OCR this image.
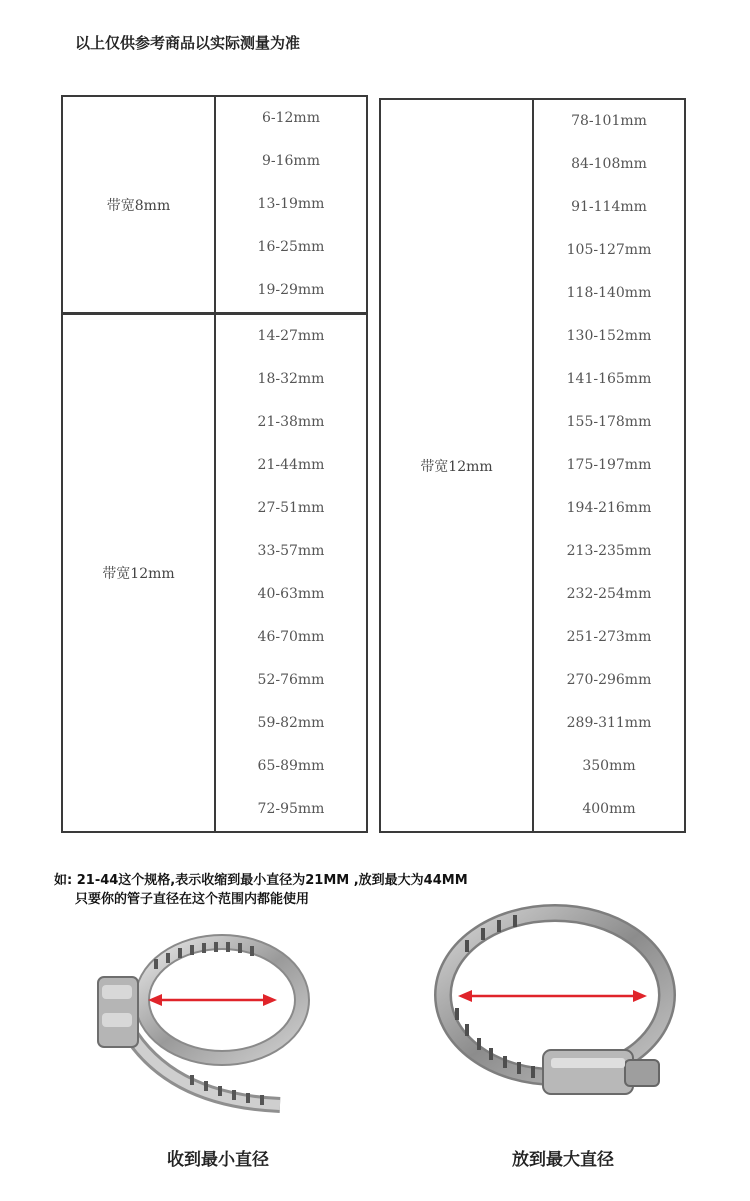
以上仅供参考商品以实际测量为准
带宽8mm	
6-12mm
9-16mm
13-19mm
16-25mm
19-29mm
带宽12mm	
14-27mm
18-32mm
21-38mm
21-44mm
27-51mm
33-57mm
40-63mm
46-70mm
52-76mm
59-82mm
65-89mm
72-95mm
带宽12mm	
78-101mm
84-108mm
91-114mm
105-127mm
118-140mm
130-152mm
141-165mm
155-178mm
175-197mm
194-216mm
213-235mm
232-254mm
251-273mm
270-296mm
289-311mm
350mm
400mm
如: 21-44这个规格,表示收缩到最小直径为21MM ,放到最大为44MM
只要你的管子直径在这个范围内都能使用
收到最小直径	放到最大直径
